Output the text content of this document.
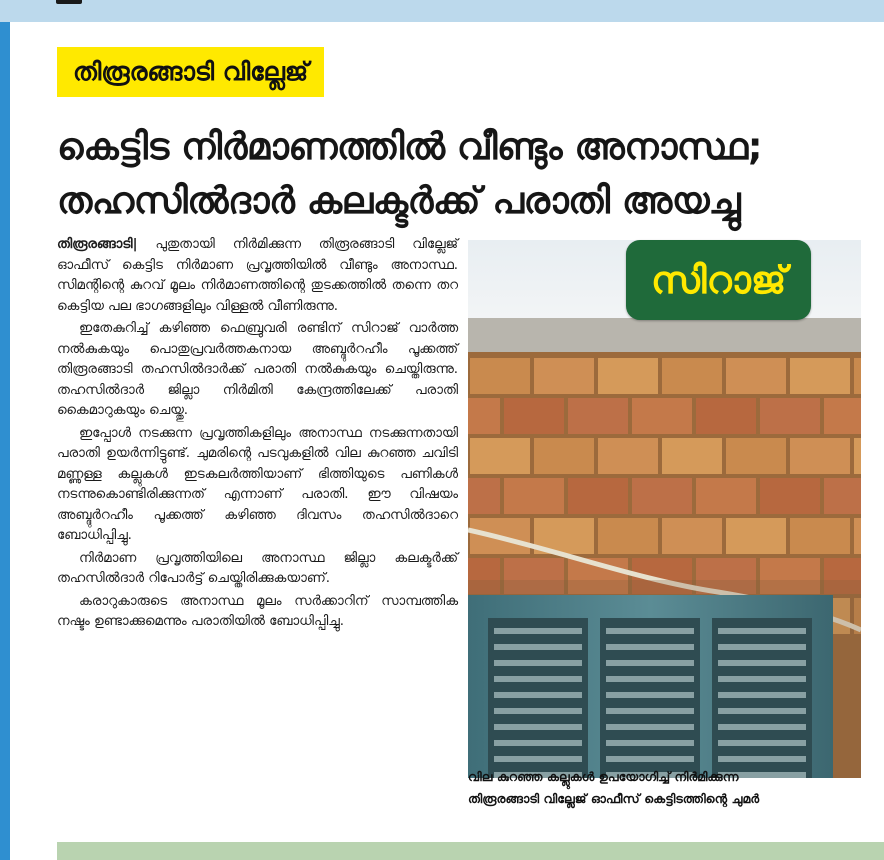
തിരൂരങ്ങാടി വില്ലേജ്
കെട്ടിട നിർമാണത്തിൽ വീണ്ടും അനാസ്ഥ;
തഹസിൽദാർ കലക്ടർക്ക് പരാതി അയച്ചു

തിരൂരങ്ങാടി| പുതുതായി നിർമിക്കുന്ന തിരൂരങ്ങാടി വില്ലേജ് ഓഫീസ് കെട്ടിട നിർമാണ പ്രവൃത്തിയിൽ വീണ്ടും അനാസ്ഥ. സിമന്റിന്റെ കുറവ് മൂലം നിർമാണത്തിന്റെ തുടക്കത്തിൽ തന്നെ തറ കെട്ടിയ പല ഭാഗങ്ങളിലും വിള്ളൽ വീണിരുന്നു.

ഇതേകുറിച്ച് കഴിഞ്ഞ ഫെബ്രുവരി രണ്ടിന് സിറാജ് വാർത്ത നൽകുകയും പൊതുപ്രവർത്തകനായ അബ്ദുർറഹീം പൂക്കത്ത് തിരൂരങ്ങാടി തഹസിൽദാർക്ക് പരാതി നൽകുകയും ചെയ്തിരുന്നു. തഹസിൽദാർ ജില്ലാ നിർമിതി കേന്ദ്രത്തിലേക്ക് പരാതി കൈമാറുകയും ചെയ്തു.

ഇപ്പോൾ നടക്കുന്ന പ്രവൃത്തികളിലും അനാസ്ഥ നടക്കുന്നതായി പരാതി ഉയർന്നിട്ടുണ്ട്. ചുമരിന്റെ പടവുകളിൽ വില കുറഞ്ഞ ചവിടി മണ്ണുള്ള കല്ലുകൾ ഇടകലർത്തിയാണ് ഭിത്തിയുടെ പണികൾ നടന്നുകൊണ്ടിരിക്കുന്നത് എന്നാണ് പരാതി. ഈ വിഷയം അബ്ദുർറഹീം പൂക്കത്ത് കഴിഞ്ഞ ദിവസം തഹസിൽദാറെ ബോധിപ്പിച്ചു.

നിർമാണ പ്രവൃത്തിയിലെ അനാസ്ഥ ജില്ലാ കലക്ടർക്ക് തഹസിൽദാർ റിപോർട്ട് ചെയ്തിരിക്കുകയാണ്.

കരാറുകാരുടെ അനാസ്ഥ മൂലം സർക്കാറിന് സാമ്പത്തിക നഷ്ടം ഉണ്ടാക്കുമെന്നും പരാതിയിൽ ബോധിപ്പിച്ചു.

സിറാജ്
വില കുറഞ്ഞ കല്ലുകൾ ഉപയോഗിച്ച് നിർമിക്കുന്ന
തിരൂരങ്ങാടി വില്ലേജ് ഓഫീസ് കെട്ടിടത്തിന്റെ ചുമർ
